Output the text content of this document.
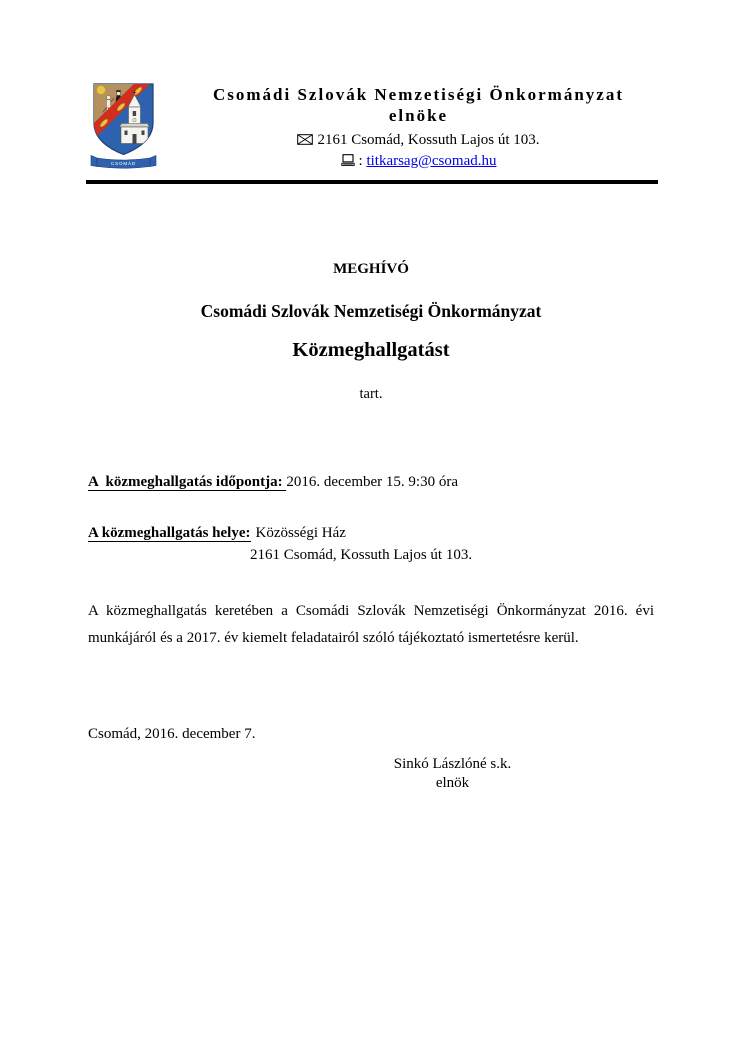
CSOMÁD
Csomádi Szlovák Nemzetiségi Önkormányzat
elnöke
2161 Csomád, Kossuth Lajos út 103.
: titkarsag@csomad.hu
MEGHÍVÓ
Csomádi Szlovák Nemzetiségi Önkormányzat
Közmeghallgatást
tart.
A  közmeghallgatás időpontja: 2016. december 15. 9:30 óra
A közmeghallgatás helye: Közösségi Ház
2161 Csomád, Kossuth Lajos út 103.
A közmeghallgatás keretében a Csomádi Szlovák Nemzetiségi Önkormányzat 2016. évi munkájáról és a 2017. év kiemelt feladatairól szóló tájékoztató ismertetésre kerül.
Csomád, 2016. december 7.
Sinkó Lászlóné s.k.
elnök
